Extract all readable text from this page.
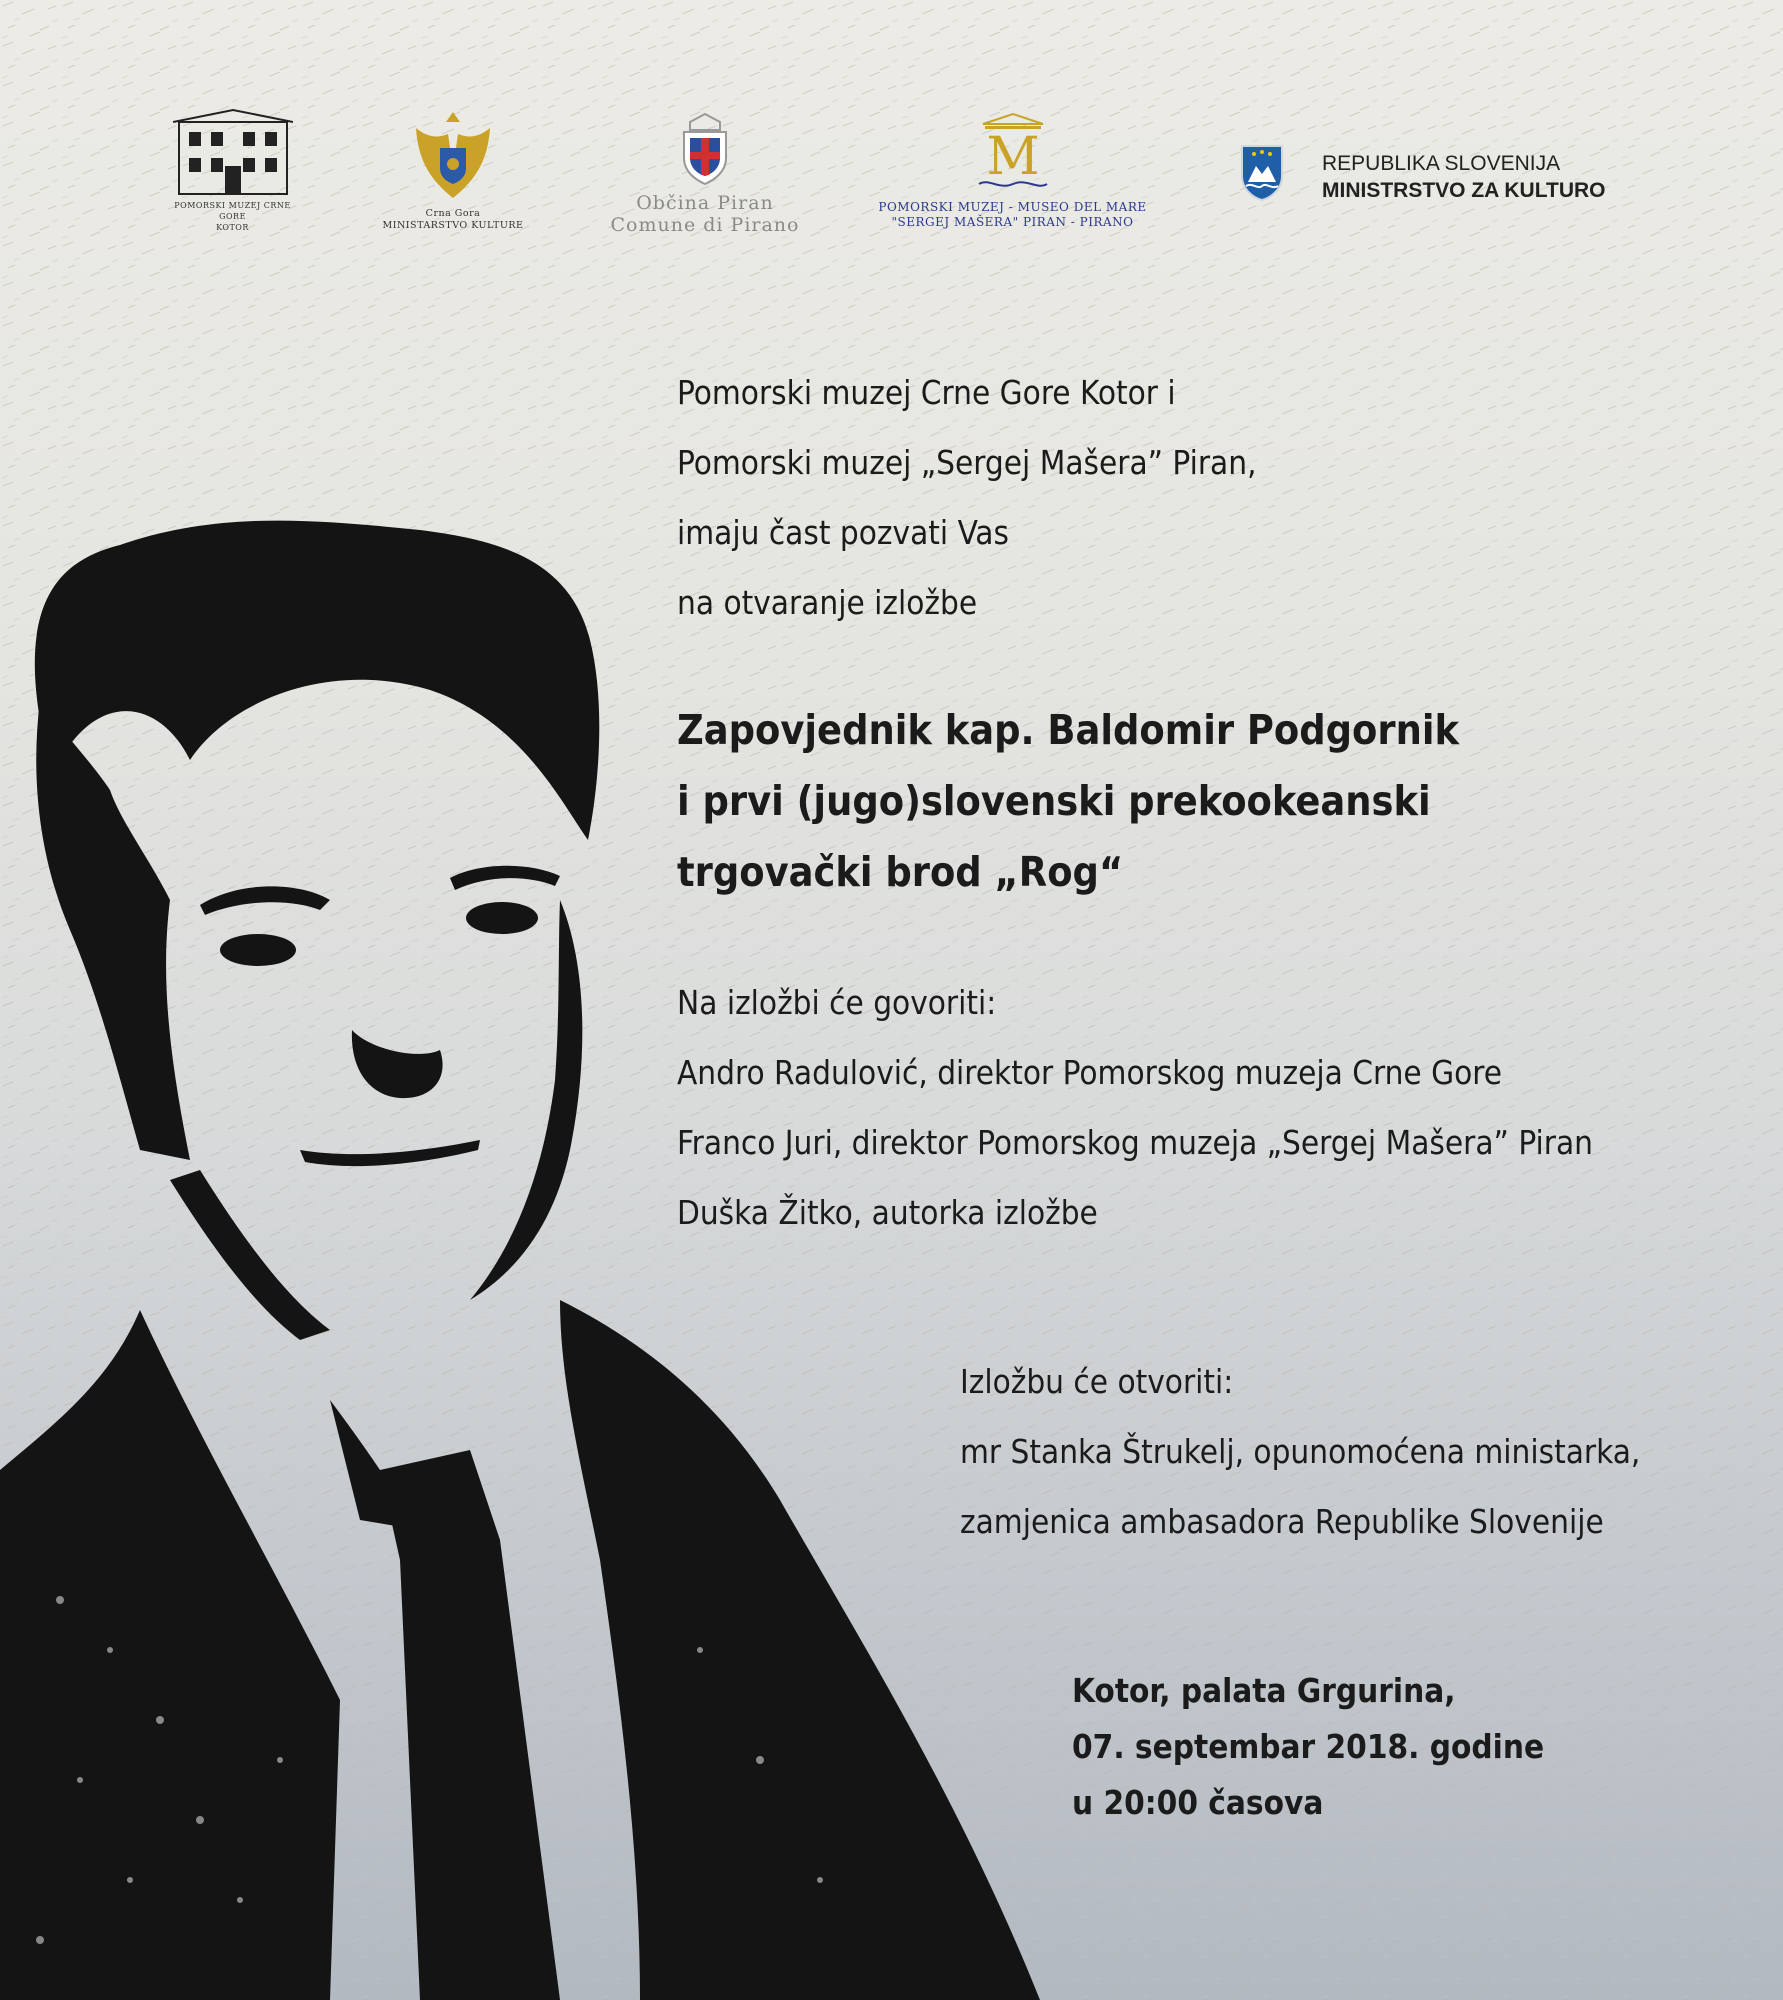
POMORSKI MUZEJ CRNE GORE
KOTOR
Crna Gora
MINISTARSTVO KULTURE
Občina Piran
Comune di Pirano
M
POMORSKI MUZEJ - MUSEO DEL MARE
"SERGEJ MAŠERA" PIRAN - PIRANO
REPUBLIKA SLOVENIJA
MINISTRSTVO ZA KULTURO
Pomorski muzej Crne Gore Kotor i
Pomorski muzej „Sergej Mašera” Piran,
imaju čast pozvati Vas
na otvaranje izložbe
Zapovjednik kap. Baldomir Podgornik
i prvi (jugo)slovenski prekookeanski
trgovački brod „Rog“
Na izložbi će govoriti:
Andro Radulović, direktor Pomorskog muzeja Crne Gore
Franco Juri, direktor Pomorskog muzeja „Sergej Mašera” Piran
Duška Žitko, autorka izložbe
Izložbu će otvoriti:
mr Stanka Štrukelj, opunomoćena ministarka,
zamjenica ambasadora Republike Slovenije
Kotor, palata Grgurina,
07. septembar 2018. godine
u 20:00 časova
